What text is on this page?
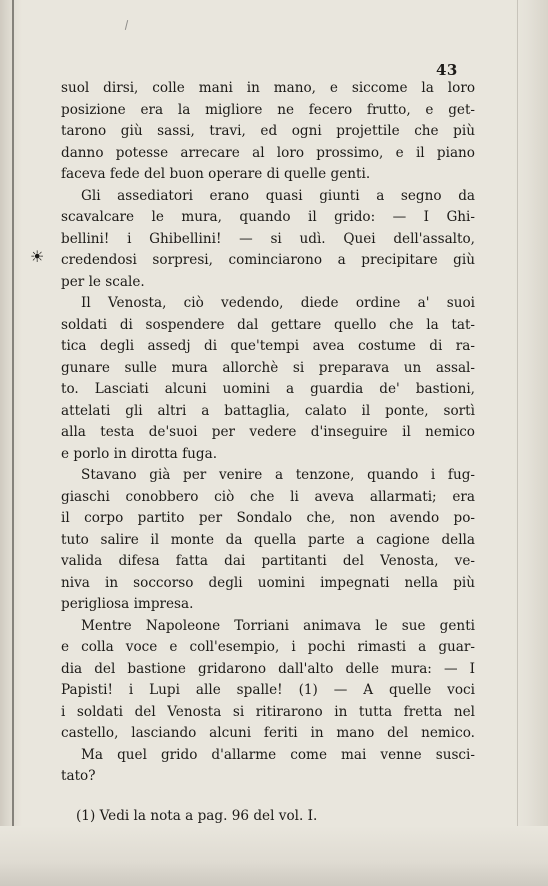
☀
43
suol dirsi, colle mani in mano, e siccome la loro
posizione era la migliore ne fecero frutto, e get-
tarono giù sassi, travi, ed ogni projettile che più
danno potesse arrecare al loro prossimo, e il piano
faceva fede del buon operare di quelle genti.
Gli assediatori erano quasi giunti a segno da
scavalcare le mura, quando il grido: — I Ghi-
bellini! i Ghibellini! — si udì. Quei dell'assalto,
credendosi sorpresi, cominciarono a precipitare giù
per le scale.
Il Venosta, ciò vedendo, diede ordine a' suoi
soldati di sospendere dal gettare quello che la tat-
tica degli assedj di que'tempi avea costume di ra-
gunare sulle mura allorchè si preparava un assal-
to. Lasciati alcuni uomini a guardia de' bastioni,
attelati gli altri a battaglia, calato il ponte, sortì
alla testa de'suoi per vedere d'inseguire il nemico
e porlo in dirotta fuga.
Stavano già per venire a tenzone, quando i fug-
giaschi conobbero ciò che li aveva allarmati; era
il corpo partito per Sondalo che, non avendo po-
tuto salire il monte da quella parte a cagione della
valida difesa fatta dai partitanti del Venosta, ve-
niva in soccorso degli uomini impegnati nella più
perigliosa impresa.
Mentre Napoleone Torriani animava le sue genti
e colla voce e coll'esempio, i pochi rimasti a guar-
dia del bastione gridarono dall'alto delle mura: — I
Papisti! i Lupi alle spalle! (1) — A quelle voci
i soldati del Venosta si ritirarono in tutta fretta nel
castello, lasciando alcuni feriti in mano del nemico.
Ma quel grido d'allarme come mai venne susci-
tato?
(1) Vedi la nota a pag. 96 del vol. I.
